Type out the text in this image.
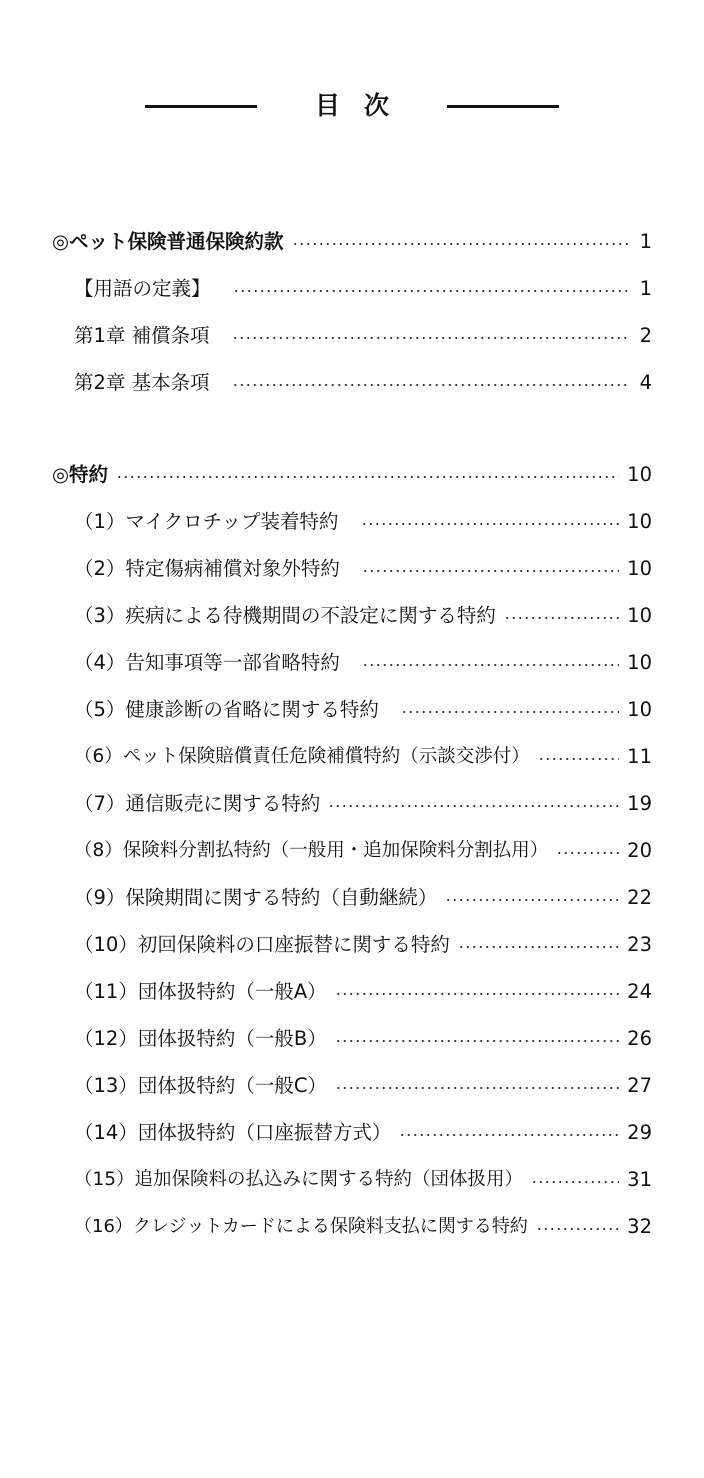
目次
◎ペット保険普通保険約款	1
【用語の定義】	1
第1章 補償条項	2
第2章 基本条項	4
◎特約	10
（1）マイクロチップ装着特約	10
（2）特定傷病補償対象外特約	10
（3）疾病による待機期間の不設定に関する特約	10
（4）告知事項等一部省略特約	10
（5）健康診断の省略に関する特約	10
（6）ペット保険賠償責任危険補償特約（示談交渉付）	11
（7）通信販売に関する特約	19
（8）保険料分割払特約（一般用・追加保険料分割払用）	20
（9）保険期間に関する特約（自動継続）	22
（10）初回保険料の口座振替に関する特約	23
（11）団体扱特約（一般A）	24
（12）団体扱特約（一般B）	26
（13）団体扱特約（一般C）	27
（14）団体扱特約（口座振替方式）	29
（15）追加保険料の払込みに関する特約（団体扱用）	31
（16）クレジットカードによる保険料支払に関する特約	32
